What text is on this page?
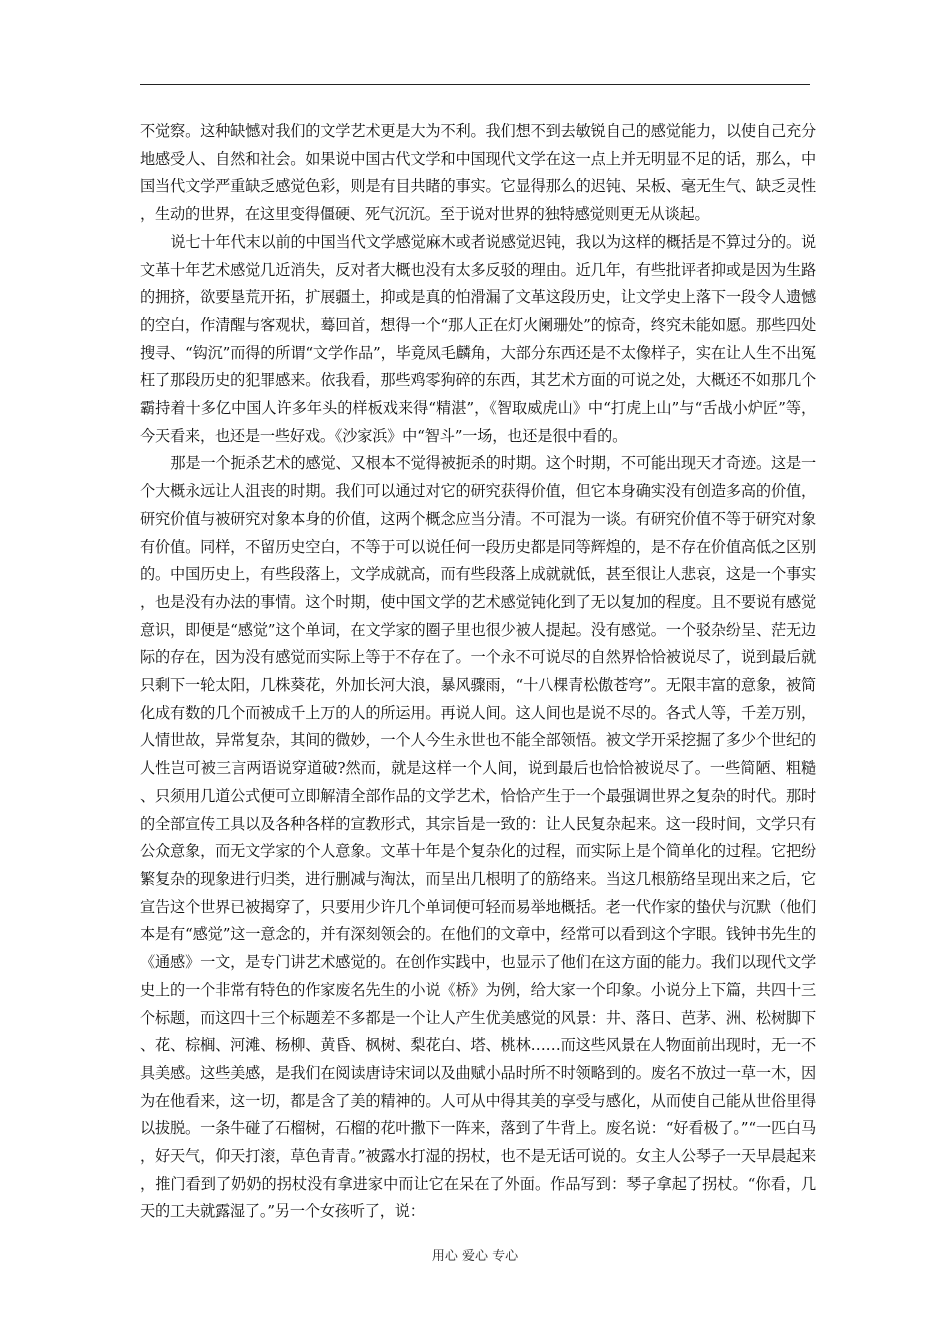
不觉察。这种缺憾对我们的文学艺术更是大为不利。我们想不到去敏锐自己的感觉能力，以使自己充分地感受人、自然和社会。如果说中国古代文学和中国现代文学在这一点上并无明显不足的话，那么，中国当代文学严重缺乏感觉色彩，则是有目共睹的事实。它显得那么的迟钝、呆板、毫无生气、缺乏灵性，生动的世界，在这里变得僵硬、死气沉沉。至于说对世界的独特感觉则更无从谈起。

说七十年代末以前的中国当代文学感觉麻木或者说感觉迟钝，我以为这样的概括是不算过分的。说文革十年艺术感觉几近消失，反对者大概也没有太多反驳的理由。近几年，有些批评者抑或是因为生路的拥挤，欲要垦荒开拓，扩展疆土，抑或是真的怕滑漏了文革这段历史，让文学史上落下一段令人遗憾的空白，作清醒与客观状，蓦回首，想得一个“那人正在灯火阑珊处”的惊奇，终究未能如愿。那些四处搜寻、“钩沉”而得的所谓“文学作品”，毕竟凤毛麟角，大部分东西还是不太像样子，实在让人生不出冤枉了那段历史的犯罪感来。依我看，那些鸡零狗碎的东西，其艺术方面的可说之处，大概还不如那几个霸持着十多亿中国人许多年头的样板戏来得“精湛”，《智取威虎山》中“打虎上山”与“舌战小炉匠”等，今天看来，也还是一些好戏。《沙家浜》中“智斗”一场，也还是很中看的。

那是一个扼杀艺术的感觉、又根本不觉得被扼杀的时期。这个时期，不可能出现天才奇迹。这是一个大概永远让人沮丧的时期。我们可以通过对它的研究获得价值，但它本身确实没有创造多高的价值，研究价值与被研究对象本身的价值，这两个概念应当分清。不可混为一谈。有研究价值不等于研究对象有价值。同样，不留历史空白，不等于可以说任何一段历史都是同等辉煌的，是不存在价值高低之区别的。中国历史上，有些段落上，文学成就高，而有些段落上成就就低，甚至很让人悲哀，这是一个事实，也是没有办法的事情。这个时期，使中国文学的艺术感觉钝化到了无以复加的程度。且不要说有感觉意识，即便是“感觉”这个单词，在文学家的圈子里也很少被人提起。没有感觉。一个驳杂纷呈、茫无边际的存在，因为没有感觉而实际上等于不存在了。一个永不可说尽的自然界恰恰被说尽了，说到最后就只剩下一轮太阳，几株葵花，外加长河大浪，暴风骤雨，“十八棵青松傲苍穹”。无限丰富的意象，被简化成有数的几个而被成千上万的人的所运用。再说人间。这人间也是说不尽的。各式人等，千差万别，人情世故，异常复杂，其间的微妙，一个人今生永世也不能全部领悟。被文学开采挖掘了多少个世纪的人性岂可被三言两语说穿道破?然而，就是这样一个人间，说到最后也恰恰被说尽了。一些简陋、粗糙、只须用几道公式便可立即解清全部作品的文学艺术，恰恰产生于一个最强调世界之复杂的时代。那时的全部宣传工具以及各种各样的宣教形式，其宗旨是一致的：让人民复杂起来。这一段时间，文学只有公众意象，而无文学家的个人意象。文革十年是个复杂化的过程，而实际上是个简单化的过程。它把纷繁复杂的现象进行归类，进行删减与淘汰，而呈出几根明了的筋络来。当这几根筋络呈现出来之后，它宣告这个世界已被揭穿了，只要用少许几个单词便可轻而易举地概括。老一代作家的蛰伏与沉默（他们本是有“感觉”这一意念的，并有深刻领会的。在他们的文章中，经常可以看到这个字眼。钱钟书先生的《通感》一文，是专门讲艺术感觉的。在创作实践中，也显示了他们在这方面的能力。我们以现代文学史上的一个非常有特色的作家废名先生的小说《桥》为例，给大家一个印象。小说分上下篇，共四十三个标题，而这四十三个标题差不多都是一个让人产生优美感觉的风景：井、落日、芭茅、洲、松树脚下、花、棕榈、河滩、杨柳、黄昏、枫树、梨花白、塔、桃林……而这些风景在人物面前出现时，无一不具美感。这些美感，是我们在阅读唐诗宋词以及曲赋小品时所不时领略到的。废名不放过一草一木，因为在他看来，这一切，都是含了美的精神的。人可从中得其美的享受与感化，从而使自己能从世俗里得以拔脱。一条牛碰了石榴树，石榴的花叶撒下一阵来，落到了牛背上。废名说：“好看极了。”“一匹白马，好天气，仰天打滚，草色青青。”被露水打湿的拐杖，也不是无话可说的。女主人公琴子一天早晨起来，推门看到了奶奶的拐杖没有拿进家中而让它在呆在了外面。作品写到：琴子拿起了拐杖。“你看，几天的工夫就露湿了。”另一个女孩听了，说：

用心 爱心 专心
